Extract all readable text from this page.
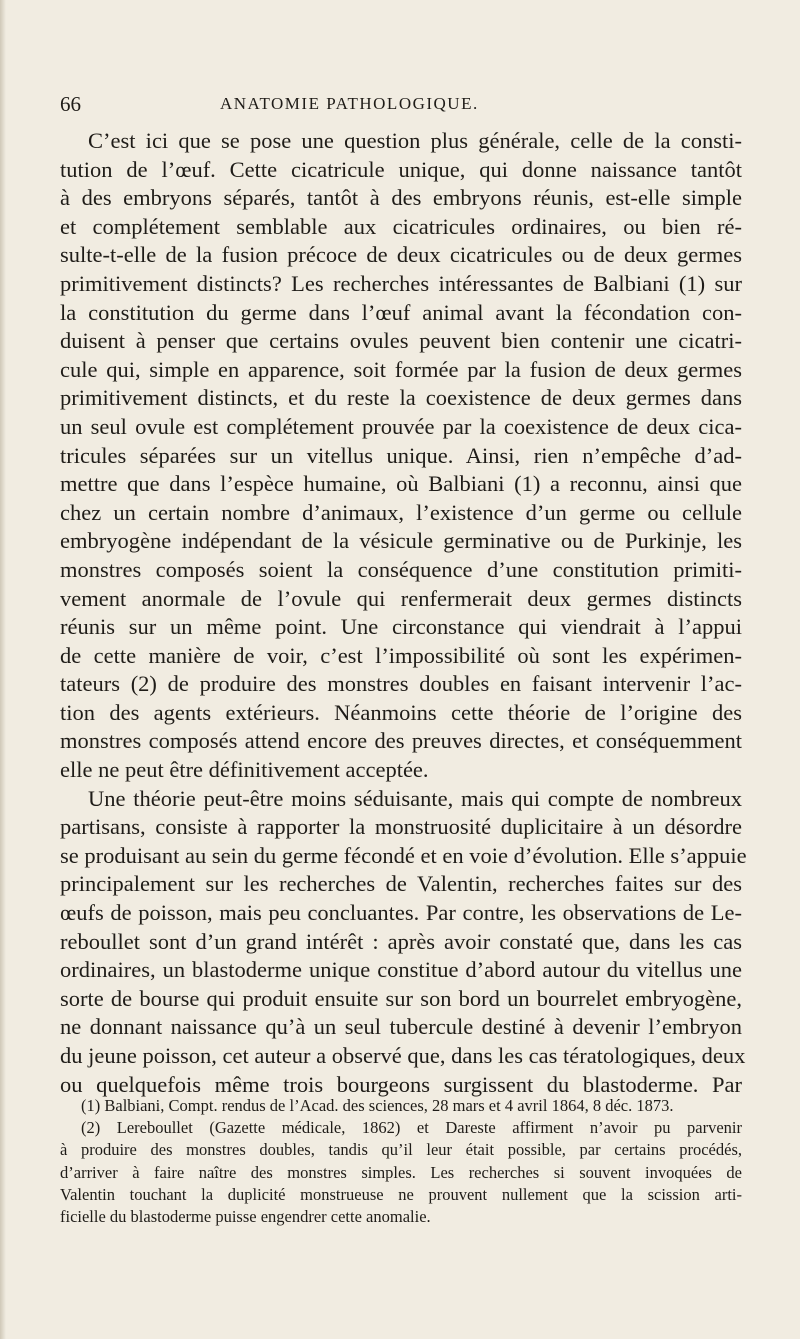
66	ANATOMIE PATHOLOGIQUE.
C’est ici que se pose une question plus générale, celle de la consti-
tution de l’œuf. Cette cicatricule unique, qui donne naissance tantôt
à des embryons séparés, tantôt à des embryons réunis, est-elle simple
et complétement semblable aux cicatricules ordinaires, ou bien ré-
sulte-t-elle de la fusion précoce de deux cicatricules ou de deux germes
primitivement distincts? Les recherches intéressantes de Balbiani (1) sur
la constitution du germe dans l’œuf animal avant la fécondation con-
duisent à penser que certains ovules peuvent bien contenir une cicatri-
cule qui, simple en apparence, soit formée par la fusion de deux germes
primitivement distincts, et du reste la coexistence de deux germes dans
un seul ovule est complétement prouvée par la coexistence de deux cica-
tricules séparées sur un vitellus unique. Ainsi, rien n’empêche d’ad-
mettre que dans l’espèce humaine, où Balbiani (1) a reconnu, ainsi que
chez un certain nombre d’animaux, l’existence d’un germe ou cellule
embryogène indépendant de la vésicule germinative ou de Purkinje, les
monstres composés soient la conséquence d’une constitution primiti-
vement anormale de l’ovule qui renfermerait deux germes distincts
réunis sur un même point. Une circonstance qui viendrait à l’appui
de cette manière de voir, c’est l’impossibilité où sont les expérimen-
tateurs (2) de produire des monstres doubles en faisant intervenir l’ac-
tion des agents extérieurs. Néanmoins cette théorie de l’origine des
monstres composés attend encore des preuves directes, et conséquemment
elle ne peut être définitivement acceptée.
Une théorie peut-être moins séduisante, mais qui compte de nombreux
partisans, consiste à rapporter la monstruosité duplicitaire à un désordre
se produisant au sein du germe fécondé et en voie d’évolution. Elle s’appuie
principalement sur les recherches de Valentin, recherches faites sur des
œufs de poisson, mais peu concluantes. Par contre, les observations de Le-
reboullet sont d’un grand intérêt : après avoir constaté que, dans les cas
ordinaires, un blastoderme unique constitue d’abord autour du vitellus une
sorte de bourse qui produit ensuite sur son bord un bourrelet embryogène,
ne donnant naissance qu’à un seul tubercule destiné à devenir l’embryon
du jeune poisson, cet auteur a observé que, dans les cas tératologiques, deux
ou quelquefois même trois bourgeons surgissent du blastoderme. Par
(1) Balbiani, Compt. rendus de l’Acad. des sciences, 28 mars et 4 avril 1864, 8 déc. 1873.
(2) Lereboullet (Gazette médicale, 1862) et Dareste affirment n’avoir pu parvenir
à produire des monstres doubles, tandis qu’il leur était possible, par certains procédés,
d’arriver à faire naître des monstres simples. Les recherches si souvent invoquées de
Valentin touchant la duplicité monstrueuse ne prouvent nullement que la scission arti-
ficielle du blastoderme puisse engendrer cette anomalie.
